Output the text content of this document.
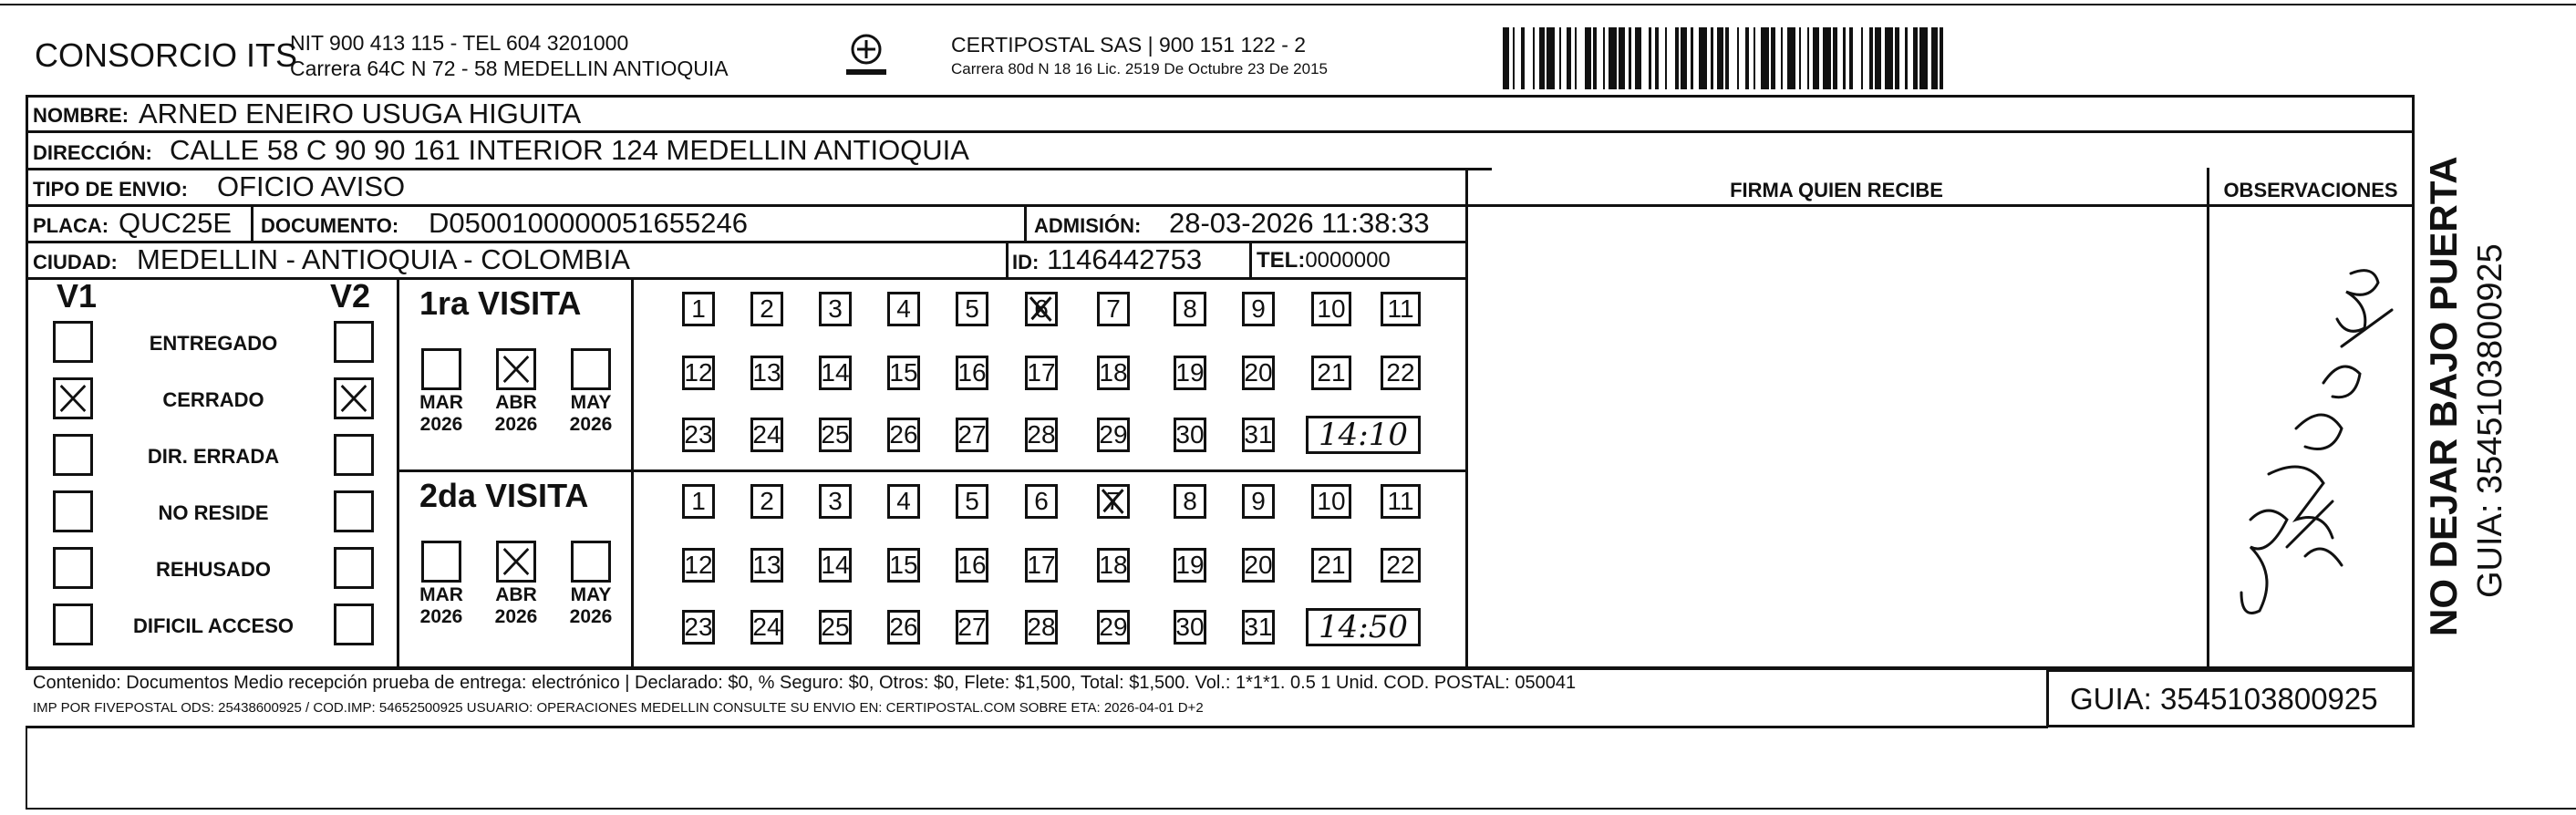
CONSORCIO ITS
NIT 900 413 115 - TEL 604 3201000
Carrera 64C N 72 - 58 MEDELLIN ANTIOQUIA
CERTIPOSTAL SAS | 900 151 122 - 2
Carrera 80d N 18 16 Lic. 2519 De Octubre 23 De 2015
NOMBRE: ARNED ENEIRO USUGA HIGUITA
DIRECCIÓN: CALLE 58 C 90 90 161 INTERIOR 124 MEDELLIN ANTIOQUIA
TIPO DE ENVIO: OFICIO AVISO	FIRMA QUIEN RECIBE	OBSERVACIONES
PLACA: QUC25E DOCUMENTO: D0500100000051655246	ADMISIÓN: 28-03-2026 11:38:33
CIUDAD: MEDELLIN - ANTIOQUIA - COLOMBIA	ID: 1146442753 TEL:0000000
V1	V2
ENTREGADO
CERRADO
DIR. ERRADA
NO RESIDE
REHUSADO
DIFICIL ACCESO
1ra VISITA
MAR
2026
ABR
2026
MAY
2026
1 2 3 4 5 6 7 8 9 10 11
12 13 14 15 16 17 18 19 20 21 22
23 24 25 26 27 28 29 30 31	14:10
2da VISITA
MAR
2026
ABR
2026
MAY
2026
1 2 3 4 5 6 7 8 9 10 11
12 13 14 15 16 17 18 19 20 21 22
23 24 25 26 27 28 29 30 31	14:50
Contenido: Documentos Medio recepción prueba de entrega: electrónico | Declarado: $0, % Seguro: $0, Otros: $0, Flete: $1,500, Total: $1,500. Vol.: 1*1*1. 0.5 1 Unid. COD. POSTAL: 050041
IMP POR FIVEPOSTAL ODS: 25438600925 / COD.IMP: 54652500925 USUARIO: OPERACIONES MEDELLIN CONSULTE SU ENVIO EN: CERTIPOSTAL.COM SOBRE ETA: 2026-04-01 D+2	GUIA: 3545103800925
NO DEJAR BAJO PUERTA GUIA: 3545103800925
